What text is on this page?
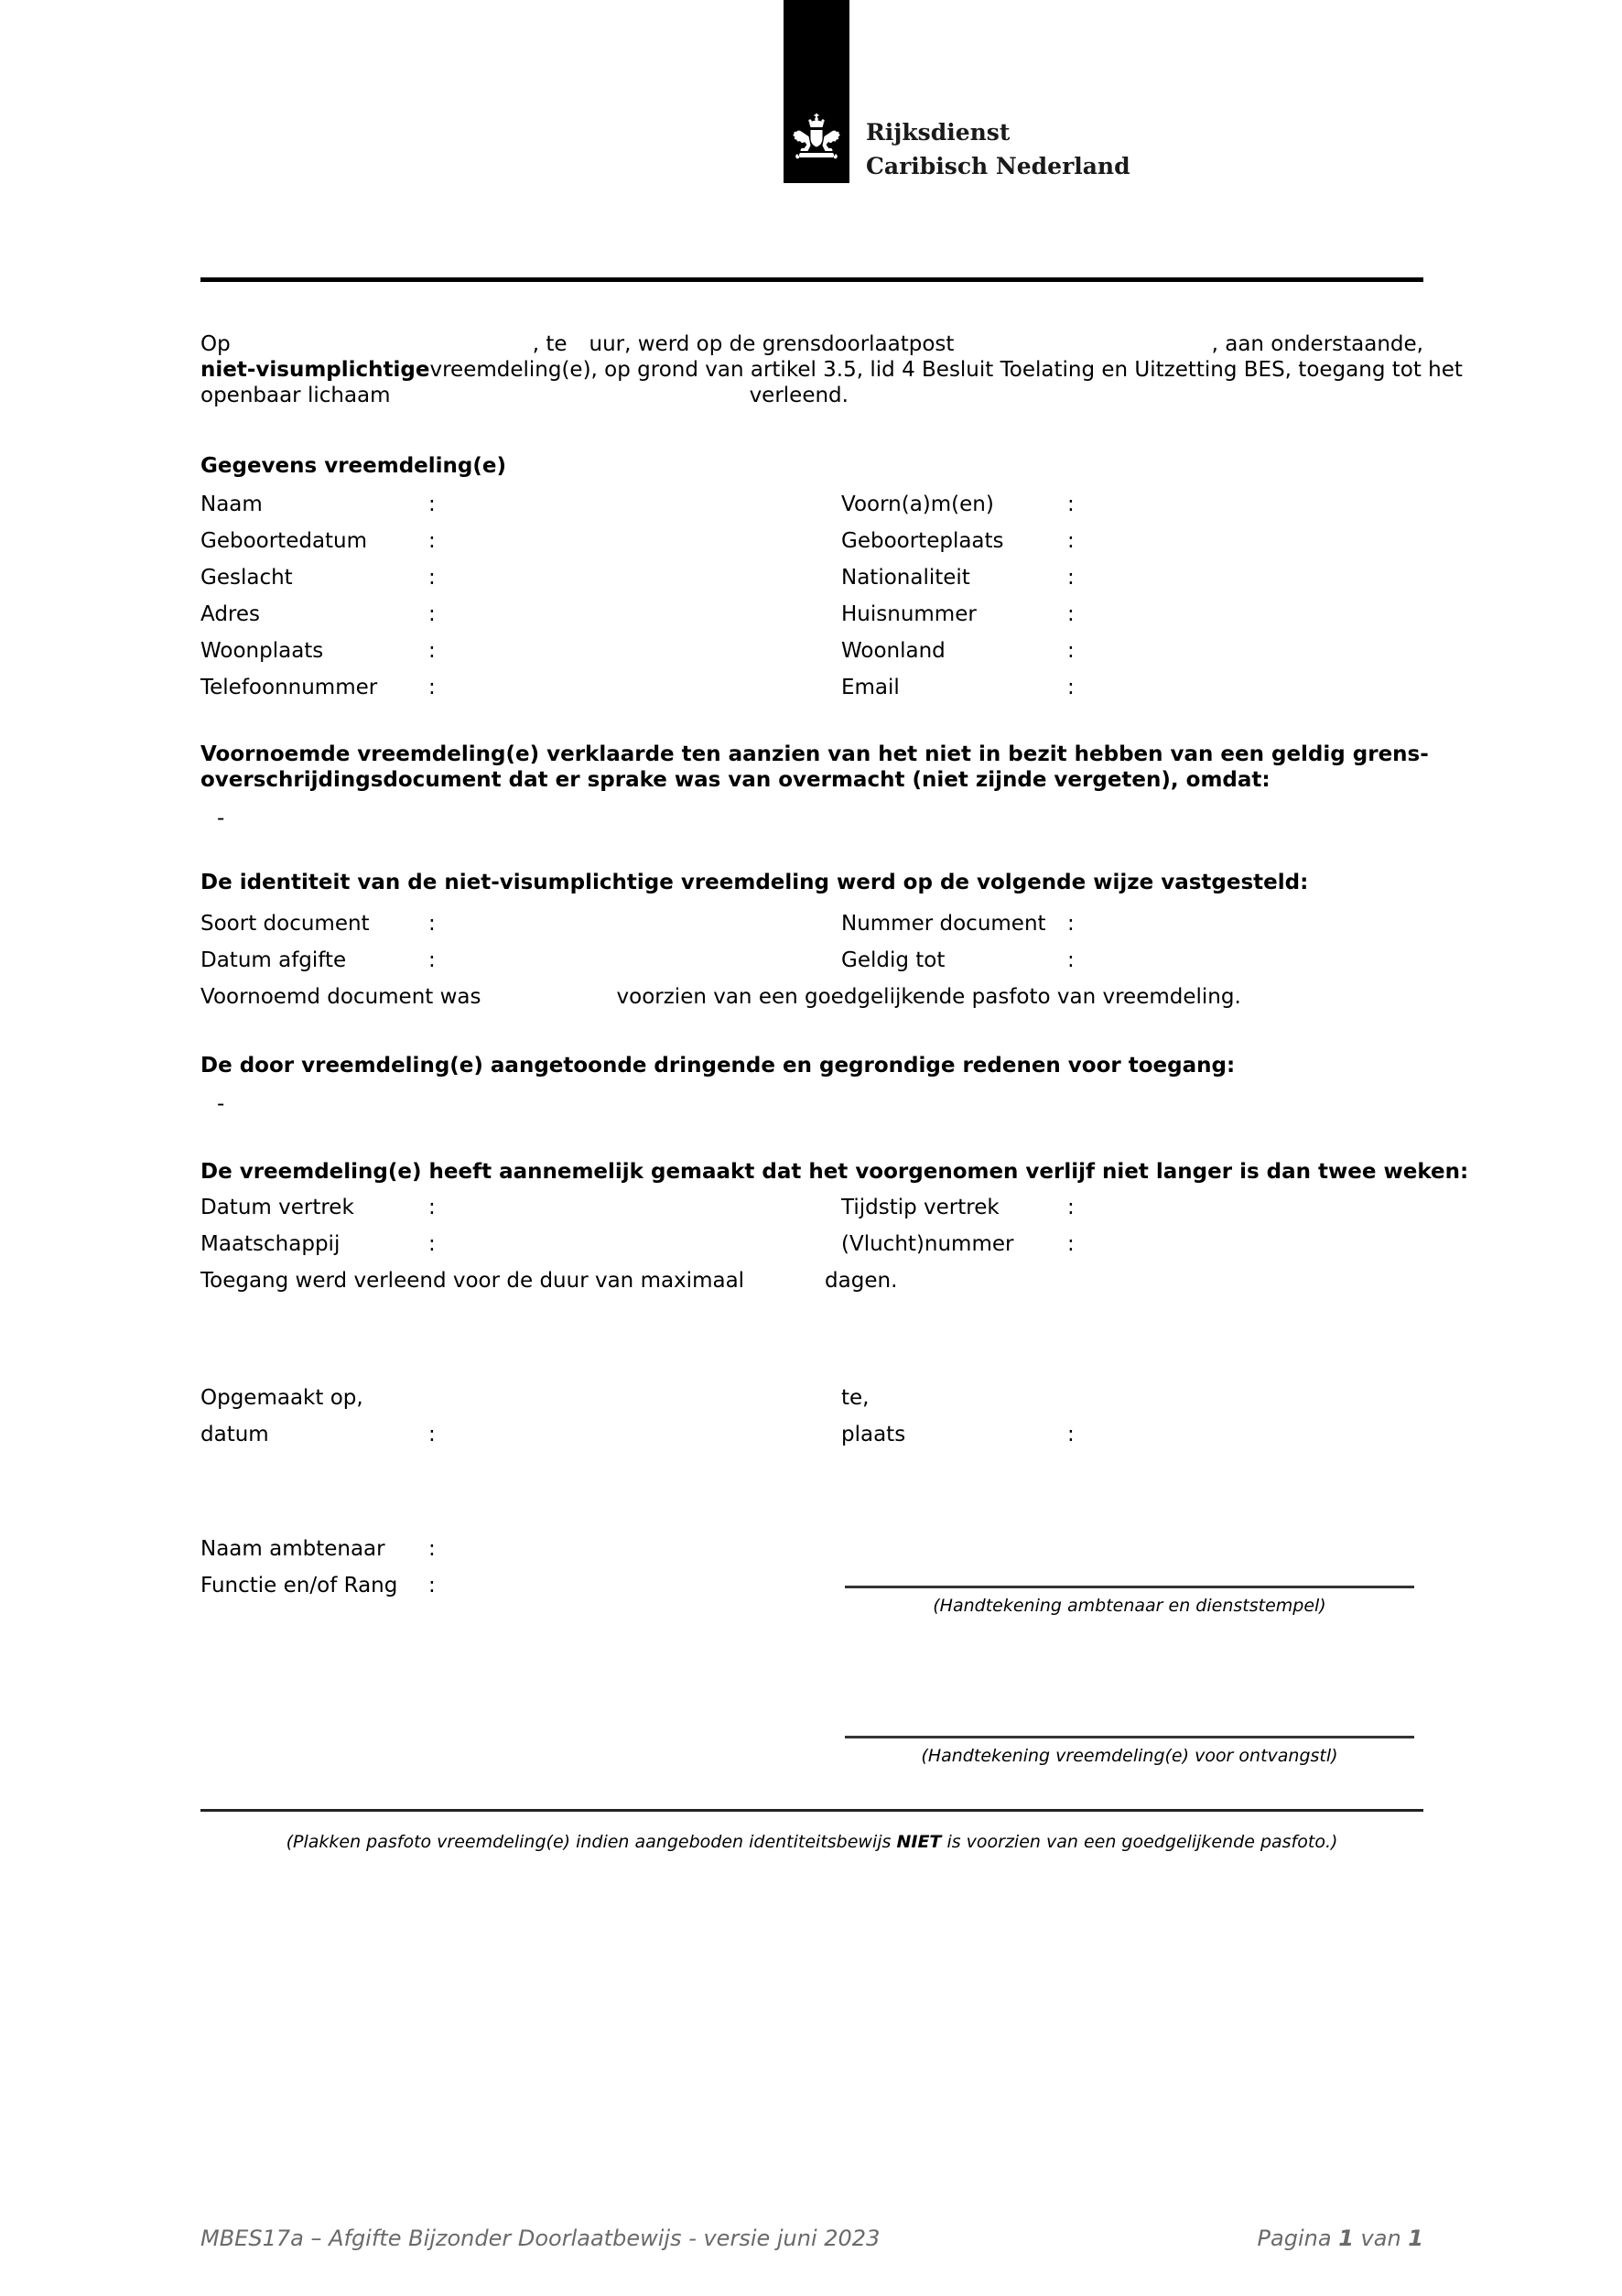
Rijksdienst
Caribisch Nederland
Op	, te uur, werd op de grensdoorlaatpost	, aan onderstaande,
niet-visumplichtige vreemdeling(e), op grond van artikel 3.5, lid 4 Besluit Toelating en Uitzetting BES, toegang tot het
openbaar lichaam	verleend.
Gegevens vreemdeling(e)
Naam	:	Voorn(a)m(en)	:
Geboortedatum	:	Geboorteplaats	:
Geslacht	:	Nationaliteit	:
Adres	:	Huisnummer	:
Woonplaats	:	Woonland	:
Telefoonnummer	:	Email	:
Voornoemde vreemdeling(e) verklaarde ten aanzien van het niet in bezit hebben van een geldig grens-
overschrijdingsdocument dat er sprake was van overmacht (niet zijnde vergeten), omdat:
-
De identiteit van de niet-visumplichtige vreemdeling werd op de volgende wijze vastgesteld:
Soort document	:	Nummer document	:
Datum afgifte	:	Geldig tot	:
Voornoemd document was	voorzien van een goedgelijkende pasfoto van vreemdeling.
De door vreemdeling(e) aangetoonde dringende en gegrondige redenen voor toegang:
-
De vreemdeling(e) heeft aannemelijk gemaakt dat het voorgenomen verlijf niet langer is dan twee weken:
Datum vertrek	:	Tijdstip vertrek	:
Maatschappij	:	(Vlucht)nummer	:
Toegang werd verleend voor de duur van maximaal	dagen.
Opgemaakt op,	te,
datum	:	plaats	:
Naam ambtenaar	:
Functie en/of Rang	:
(Handtekening ambtenaar en dienststempel)
(Handtekening vreemdeling(e) voor ontvangstl)
(Plakken pasfoto vreemdeling(e) indien aangeboden identiteitsbewijs NIET is voorzien van een goedgelijkende pasfoto.)
MBES17a – Afgifte Bijzonder Doorlaatbewijs - versie juni 2023	Pagina 1 van 1
